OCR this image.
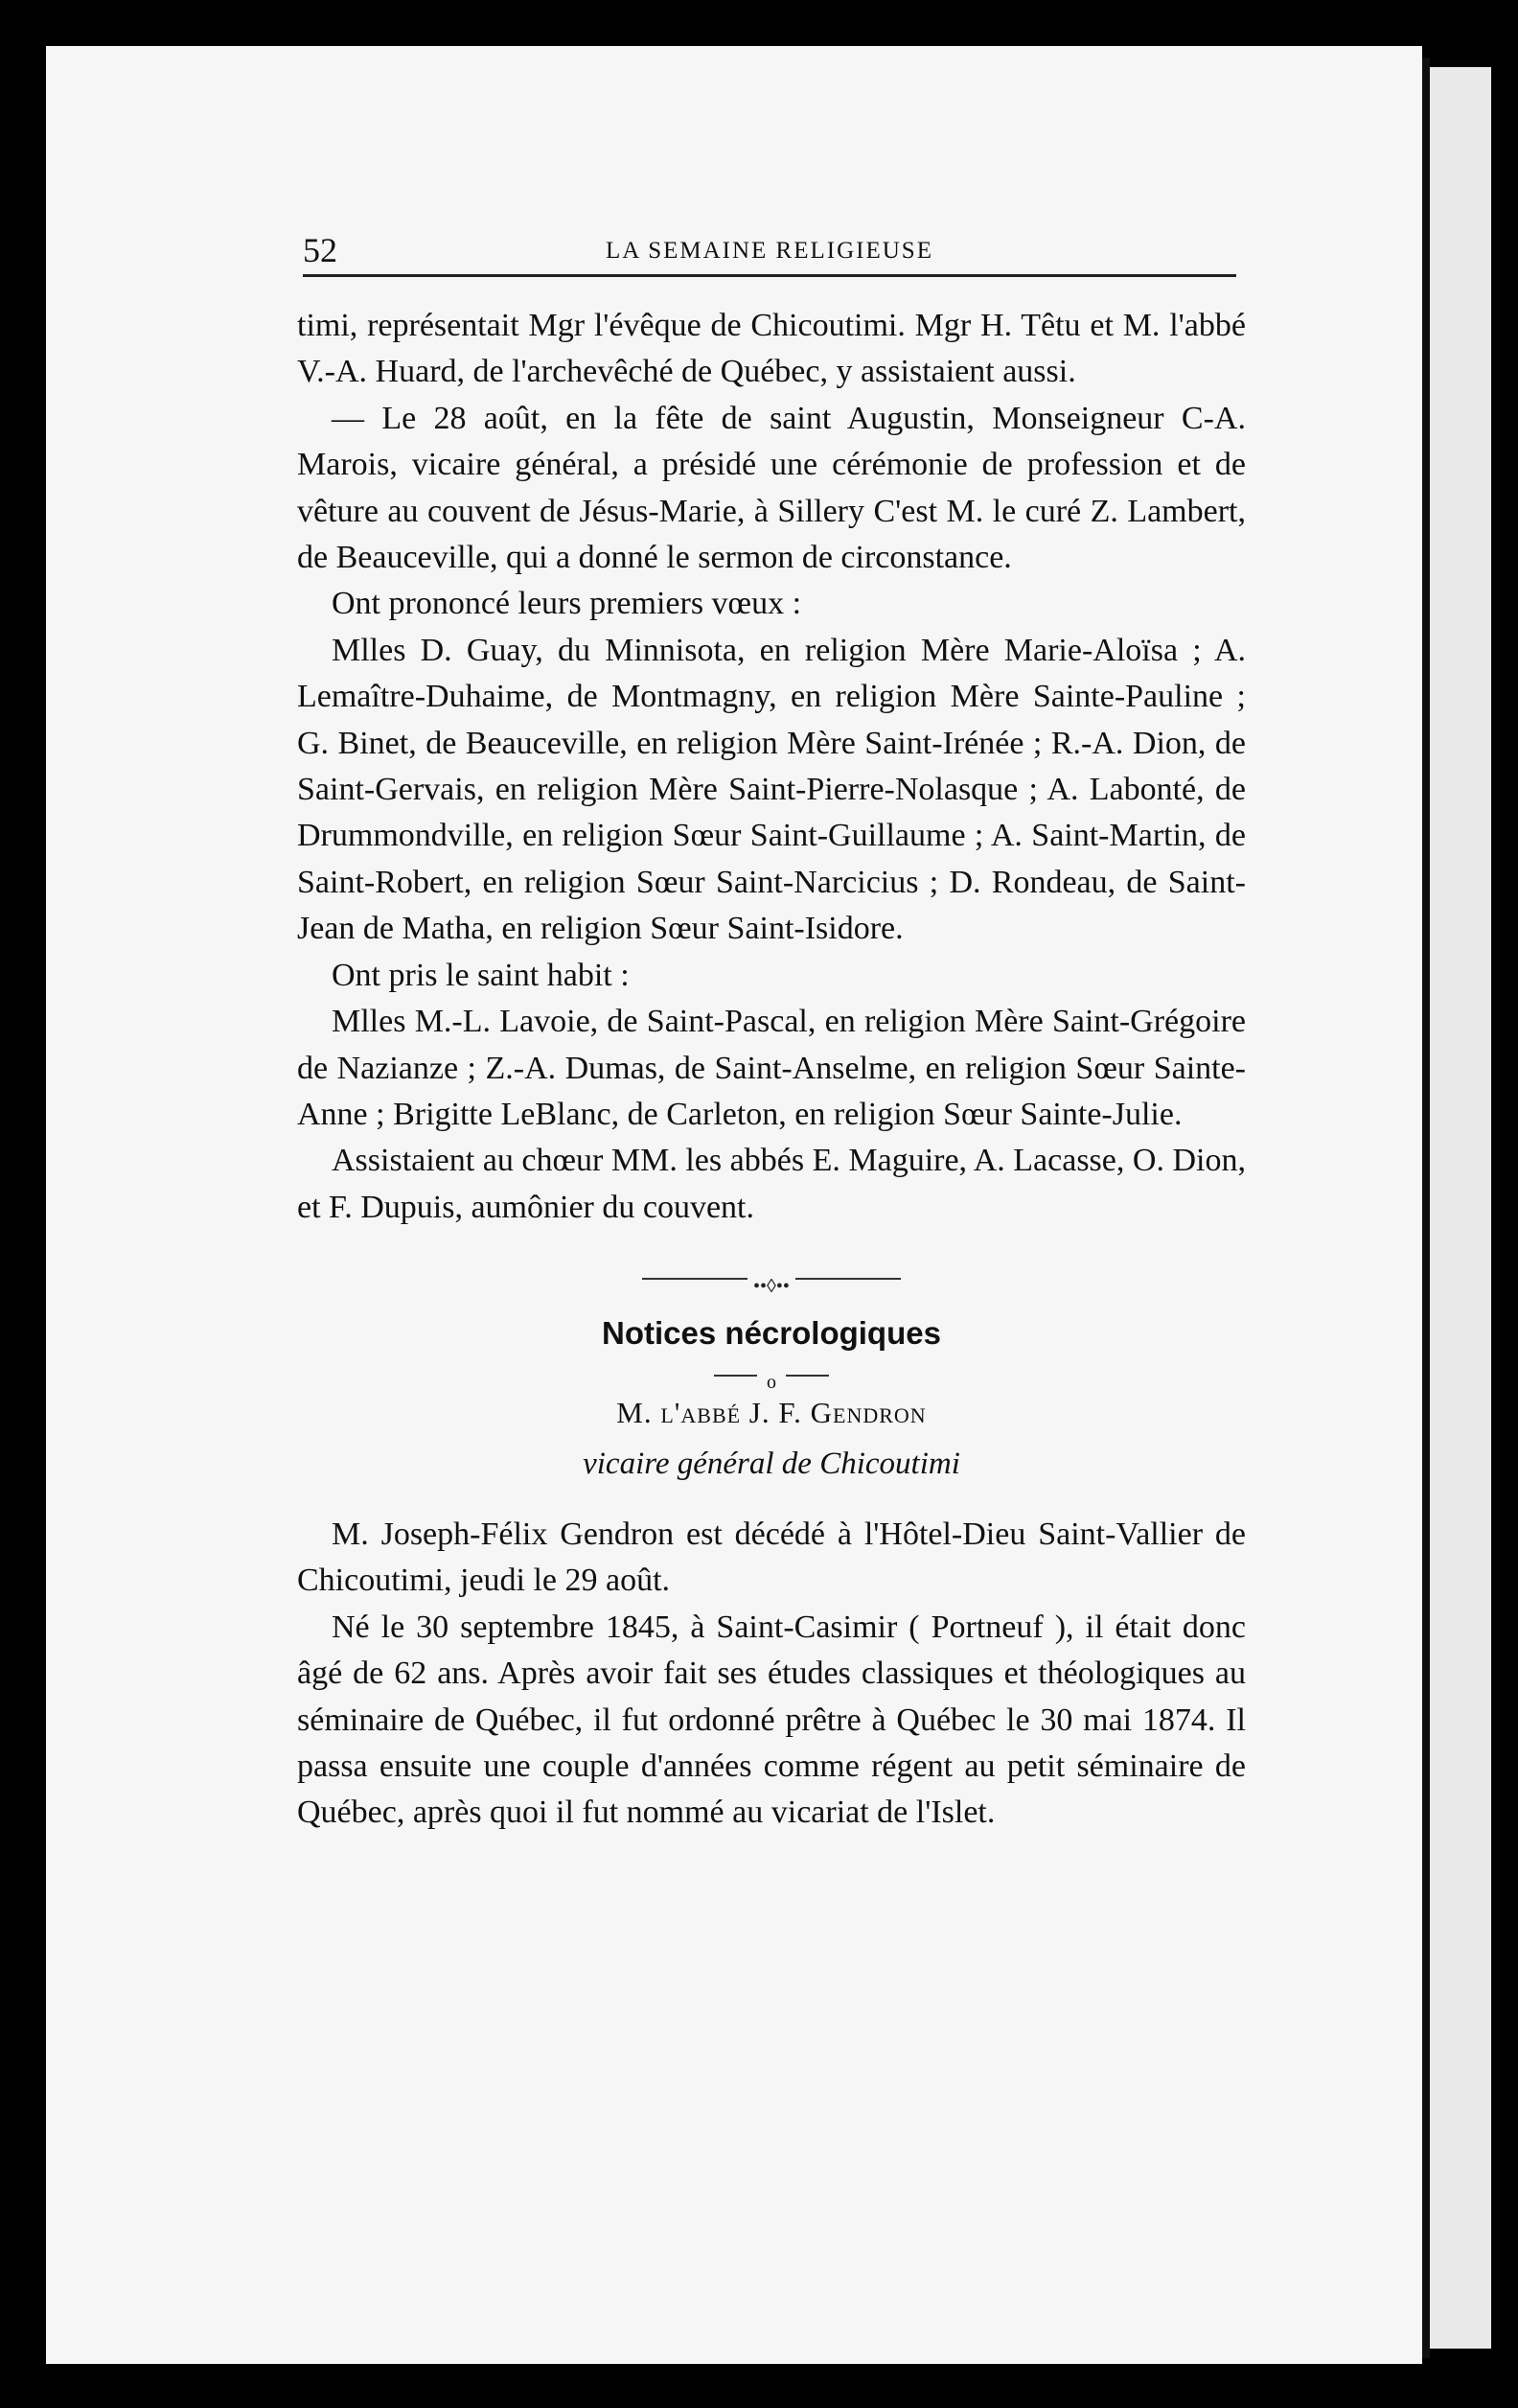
52	LA SEMAINE RELIGIEUSE

timi, représentait Mgr l'évêque de Chicoutimi. Mgr H. Têtu et M. l'abbé V.-A. Huard, de l'archevêché de Québec, y assistaient aussi.

— Le 28 août, en la fête de saint Augustin, Monseigneur C-A. Marois, vicaire général, a présidé une cérémonie de profession et de vêture au couvent de Jésus-Marie, à Sillery C'est M. le curé Z. Lambert, de Beauceville, qui a donné le sermon de circonstance.

Ont prononcé leurs premiers vœux :

Mlles D. Guay, du Minnisota, en religion Mère Marie-Aloïsa ; A. Lemaître-Duhaime, de Montmagny, en religion Mère Sainte-Pauline ; G. Binet, de Beauceville, en religion Mère Saint-Irénée ; R.-A. Dion, de Saint-Gervais, en religion Mère Saint-Pierre-Nolasque ; A. Labonté, de Drummondville, en religion Sœur Saint-Guillaume ; A. Saint-Martin, de Saint-Robert, en religion Sœur Saint-Narcicius ; D. Rondeau, de Saint-Jean de Matha, en religion Sœur Saint-Isidore.

Ont pris le saint habit :

Mlles M.-L. Lavoie, de Saint-Pascal, en religion Mère Saint-Grégoire de Nazianze ; Z.-A. Dumas, de Saint-Anselme, en religion Sœur Sainte-Anne ; Brigitte LeBlanc, de Carleton, en religion Sœur Sainte-Julie.

Assistaient au chœur MM. les abbés E. Maguire, A. Lacasse, O. Dion, et F. Dupuis, aumônier du couvent.

••◊••

Notices nécrologiques

o

M. l'abbé J. F. Gendron

vicaire général de Chicoutimi

M. Joseph-Félix Gendron est décédé à l'Hôtel-Dieu Saint-Vallier de Chicoutimi, jeudi le 29 août.

Né le 30 septembre 1845, à Saint-Casimir ( Portneuf ), il était donc âgé de 62 ans. Après avoir fait ses études classiques et théologiques au séminaire de Québec, il fut ordonné prêtre à Québec le 30 mai 1874. Il passa ensuite une couple d'années comme régent au petit séminaire de Québec, après quoi il fut nommé au vicariat de l'Islet.
